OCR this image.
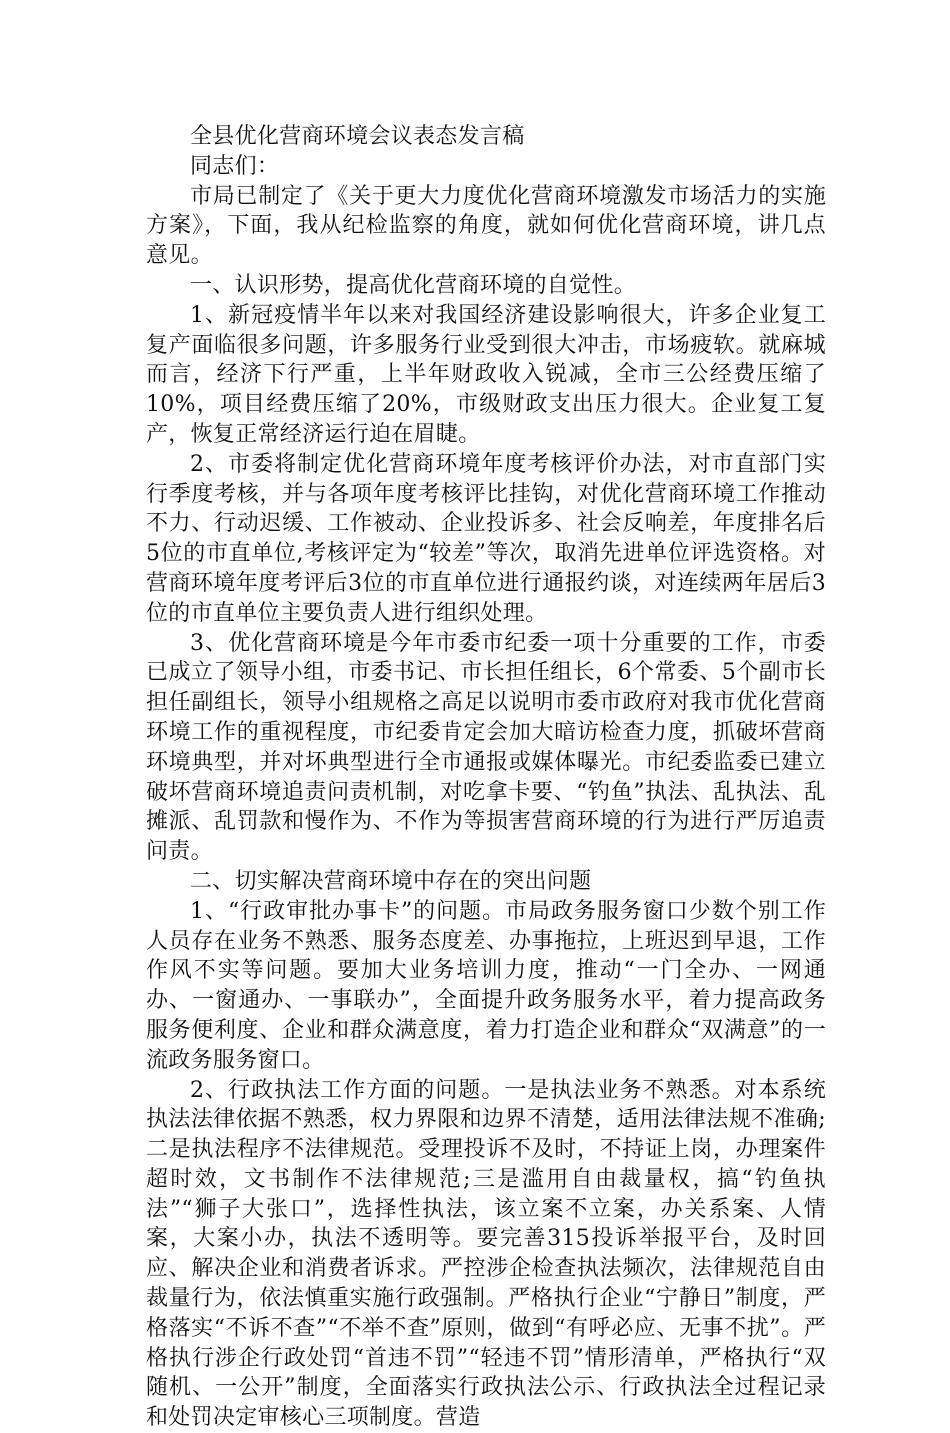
全县优化营商环境会议表态发言稿

同志们：

市局已制定了《关于更大力度优化营商环境激发市场活力的实施方案》，下面，我从纪检监察的角度，就如何优化营商环境，讲几点意见。

一、认识形势，提高优化营商环境的自觉性。

1、新冠疫情半年以来对我国经济建设影响很大，许多企业复工复产面临很多问题，许多服务行业受到很大冲击，市场疲软。就麻城而言，经济下行严重，上半年财政收入锐减，全市三公经费压缩了10%，项目经费压缩了20%，市级财政支出压力很大。企业复工复产，恢复正常经济运行迫在眉睫。

2、市委将制定优化营商环境年度考核评价办法，对市直部门实行季度考核，并与各项年度考核评比挂钩，对优化营商环境工作推动不力、行动迟缓、工作被动、企业投诉多、社会反响差，年度排名后5位的市直单位,考核评定为“较差”等次，取消先进单位评选资格。对营商环境年度考评后3位的市直单位进行通报约谈，对连续两年居后3位的市直单位主要负责人进行组织处理。

3、优化营商环境是今年市委市纪委一项十分重要的工作，市委已成立了领导小组，市委书记、市长担任组长，6个常委、5个副市长担任副组长，领导小组规格之高足以说明市委市政府对我市优化营商环境工作的重视程度，市纪委肯定会加大暗访检查力度，抓破坏营商环境典型，并对坏典型进行全市通报或媒体曝光。市纪委监委已建立破坏营商环境追责问责机制，对吃拿卡要、“钓鱼”执法、乱执法、乱摊派、乱罚款和慢作为、不作为等损害营商环境的行为进行严厉追责问责。

二、切实解决营商环境中存在的突出问题

1、“行政审批办事卡”的问题。市局政务服务窗口少数个别工作人员存在业务不熟悉、服务态度差、办事拖拉，上班迟到早退，工作作风不实等问题。要加大业务培训力度，推动“一门全办、一网通办、一窗通办、一事联办”，全面提升政务服务水平，着力提高政务服务便利度、企业和群众满意度，着力打造企业和群众“双满意”的一流政务服务窗口。

2、行政执法工作方面的问题。一是执法业务不熟悉。对本系统执法法律依据不熟悉，权力界限和边界不清楚，适用法律法规不准确;二是执法程序不法律规范。受理投诉不及时，不持证上岗，办理案件超时效，文书制作不法律规范;三是滥用自由裁量权，搞“钓鱼执法”“狮子大张口”，选择性执法，该立案不立案，办关系案、人情案，大案小办，执法不透明等。要完善315投诉举报平台，及时回应、解决企业和消费者诉求。严控涉企检查执法频次，法律规范自由裁量行为，依法慎重实施行政强制。严格执行企业“宁静日”制度，严格落实“不诉不查”“不举不查”原则，做到“有呼必应、无事不扰”。严格执行涉企行政处罚“首违不罚”“轻违不罚”情形清单，严格执行“双随机、一公开”制度，全面落实行政执法公示、行政执法全过程记录和处罚决定审核心三项制度。营造
